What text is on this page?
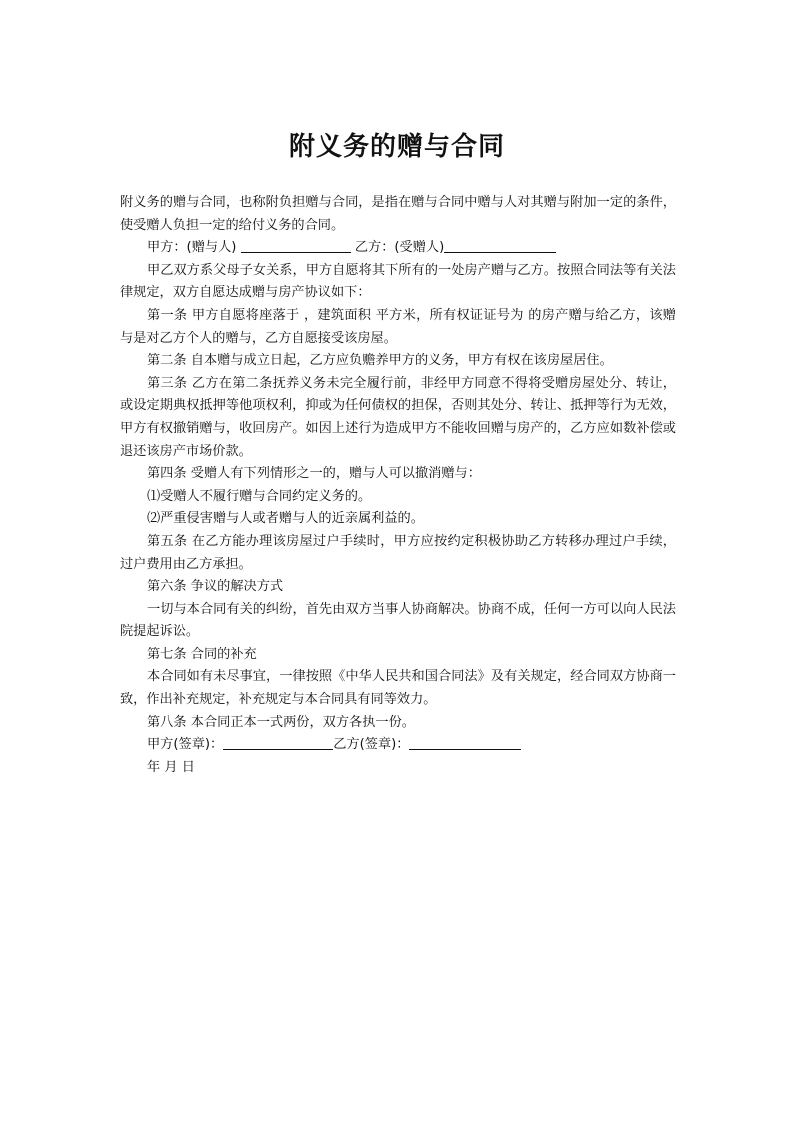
附义务的赠与合同

附义务的赠与合同，也称附负担赠与合同，是指在赠与合同中赠与人对其赠与附加一定的条件，使受赠人负担一定的给付义务的合同。

甲方：(赠与人)	乙方：(受赠人)

甲乙双方系父母子女关系，甲方自愿将其下所有的一处房产赠与乙方。按照合同法等有关法律规定，双方自愿达成赠与房产协议如下：

第一条 甲方自愿将座落于 ，建筑面积 平方米，所有权证证号为 的房产赠与给乙方，该赠与是对乙方个人的赠与，乙方自愿接受该房屋。

第二条 自本赠与成立日起，乙方应负赡养甲方的义务，甲方有权在该房屋居住。

第三条 乙方在第二条抚养义务未完全履行前，非经甲方同意不得将受赠房屋处分、转让，或设定期典权抵押等他项权利，抑或为任何债权的担保，否则其处分、转让、抵押等行为无效，甲方有权撤销赠与，收回房产。如因上述行为造成甲方不能收回赠与房产的，乙方应如数补偿或退还该房产市场价款。

第四条 受赠人有下列情形之一的，赠与人可以撤消赠与：

⑴受赠人不履行赠与合同约定义务的。

⑵严重侵害赠与人或者赠与人的近亲属利益的。

第五条 在乙方能办理该房屋过户手续时，甲方应按约定积极协助乙方转移办理过户手续，过户费用由乙方承担。

第六条 争议的解决方式

一切与本合同有关的纠纷，首先由双方当事人协商解决。协商不成，任何一方可以向人民法院提起诉讼。

第七条 合同的补充

本合同如有未尽事宜，一律按照《中华人民共和国合同法》及有关规定，经合同双方协商一致，作出补充规定，补充规定与本合同具有同等效力。

第八条 本合同正本一式两份，双方各执一份。

甲方(签章)：	乙方(签章)：

年 月 日
